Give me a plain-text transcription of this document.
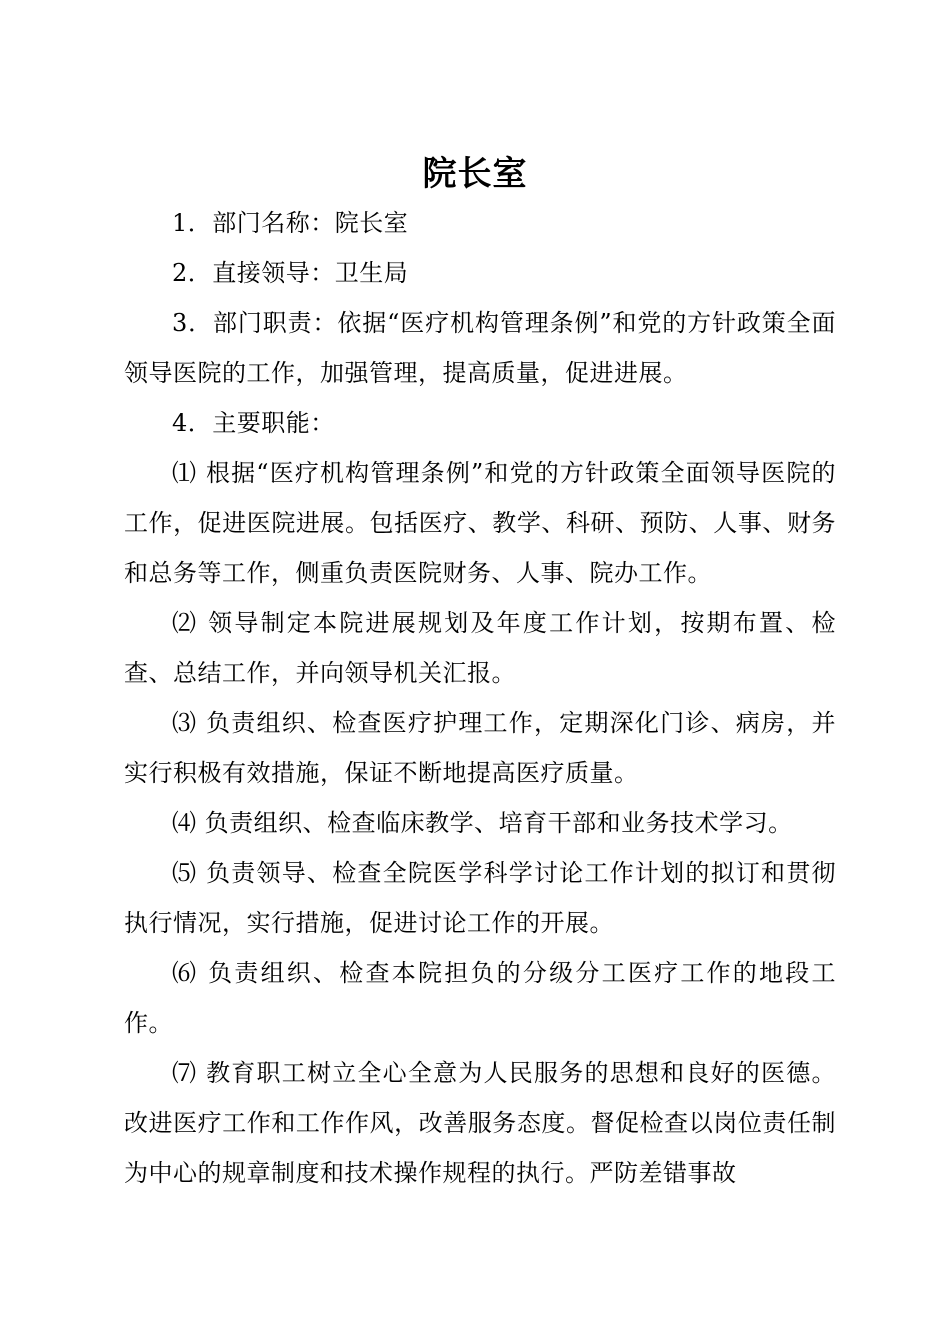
院长室

1．部门名称：院长室

2．直接领导：卫生局

3．部门职责：依据“医疗机构管理条例”和党的方针政策全面领导医院的工作，加强管理，提高质量，促进进展。

4．主要职能：

⑴ 根据“医疗机构管理条例”和党的方针政策全面领导医院的工作，促进医院进展。包括医疗、教学、科研、预防、人事、财务和总务等工作，侧重负责医院财务、人事、院办工作。

⑵ 领导制定本院进展规划及年度工作计划，按期布置、检查、总结工作，并向领导机关汇报。

⑶ 负责组织、检查医疗护理工作，定期深化门诊、病房，并实行积极有效措施，保证不断地提高医疗质量。

⑷ 负责组织、检查临床教学、培育干部和业务技术学习。

⑸ 负责领导、检查全院医学科学讨论工作计划的拟订和贯彻执行情况，实行措施，促进讨论工作的开展。

⑹ 负责组织、检查本院担负的分级分工医疗工作的地段工作。

⑺ 教育职工树立全心全意为人民服务的思想和良好的医德。改进医疗工作和工作作风，改善服务态度。督促检查以岗位责任制为中心的规章制度和技术操作规程的执行。严防差错事故
